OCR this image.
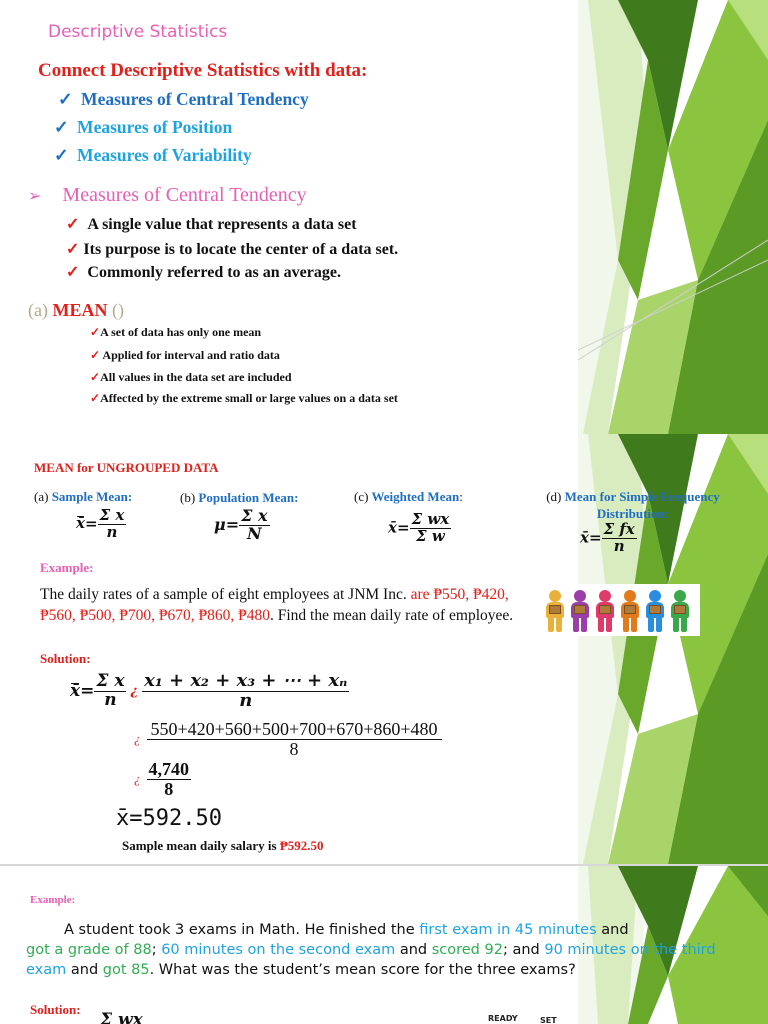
Descriptive Statistics
Connect Descriptive Statistics with data:
✓ Measures of Central Tendency
✓ Measures of Position
✓ Measures of Variability
➢ Measures of Central Tendency
✓ A single value that represents a data set
✓ Its purpose is to locate the center of a data set.
✓ Commonly referred to as an average.
(a) MEAN ()
✓A set of data has only one mean
✓ Applied for interval and ratio data
✓All values in the data set are included
✓Affected by the extreme small or large values on a data set
MEAN for UNGROUPED DATA
(a) Sample Mean:	(b) Population Mean:	(c) Weighted Mean:	(d) Mean for Simple Frequency Distribution:
x̄= $\frac{\text{Σ x}}{n}$	$\mu= \frac{\text{Σ x}}{N}$	x̄= $\frac{\text{Σ wx}}{\text{Σ w}}$	x̄= $\frac{\text{Σ fx}}{n}$
Example:
The daily rates of a sample of eight employees at JNM Inc. are ₱550, ₱420, ₱560, ₱500, ₱700, ₱670, ₱860, ₱480. Find the mean daily rate of employee.
Solution:
x̄ = $\frac{\text{Σ x}}{n}$ ¿ $\frac{\text{x₁ + x₂ + x₃ + ⋯ + xₙ}}{n}$
¿ $\frac{550+420+560+500+700+670+860+480}{8}$
¿ $\frac{4,740}{8}$
x̄=592.50
Sample mean daily salary is ₱592.50
Example:
A student took 3 exams in Math. He finished the first exam in 45 minutes and
got a grade of 88; 60 minutes on the second exam and scored 92; and 90 minutes on the third
exam and got 85. What was the student’s mean score for the three exams?
Solution:
Σ wx	READY	SET
